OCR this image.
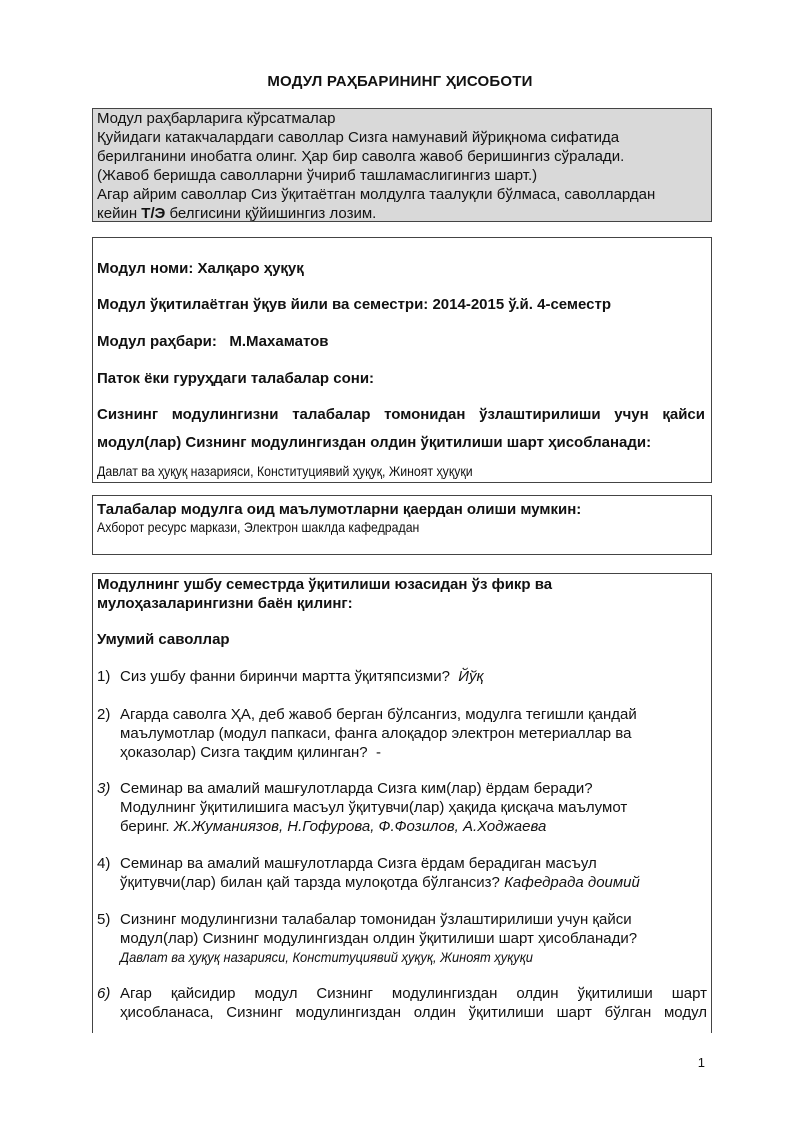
МОДУЛ РАҲБАРИНИНГ ҲИСОБОТИ
Модул раҳбарларига кўрсатмалар
Қуйидаги катакчалардаги саволлар Сизга намунавий йўриқнома сифатида
берилганини инобатга олинг. Ҳар бир саволга жавоб беришингиз сўралади.
(Жавоб беришда саволларни ўчириб ташламаслигингиз шарт.)
Агар айрим саволлар Сиз ўқитаётган молдулга таалуқли бўлмаса, саволлардан
кейин Т/Э белгисини қўйишингиз лозим.
Модул номи: Халқаро ҳуқуқ
Модул ўқитилаётган ўқув йили ва семестри: 2014-2015 ў.й. 4-семестр
Модул раҳбари:   М.Махаматов
Паток ёки гуруҳдаги талабалар сони:
Сизнинг модулингизни талабалар томонидан ўзлаштирилиши учун қайси
модул(лар) Сизнинг модулингиздан олдин ўқитилиши шарт ҳисобланади:
Давлат ва ҳуқуқ назарияси, Конституциявий ҳуқуқ, Жиноят ҳуқуқи
Талабалар модулга оид маълумотларни қаердан олиши мумкин:
Ахборот ресурс маркази, Электрон шаклда кафедрадан
Модулнинг ушбу семестрда ўқитилиши юзасидан ўз фикр ва
мулоҳазаларингизни баён қилинг:
Умумий саволлар
1) Сиз ушбу фанни биринчи мартта ўқитяпсизми? Йўқ
2) Агарда саволга ҲА, деб жавоб берган бўлсангиз, модулга тегишли қандай
маълумотлар (модул папкаси, фанга алоқадор электрон метериаллар ва
ҳоказолар) Сизга тақдим қилинган?  -
3) Семинар ва амалий машғулотларда Сизга ким(лар) ёрдам беради?
Модулнинг ўқитилишига масъул ўқитувчи(лар) ҳақида қисқача маълумот
беринг. Ж.Жуманиязов, Н.Гофурова, Ф.Фозилов, А.Ходжаева
4) Семинар ва амалий машғулотларда Сизга ёрдам берадиган масъул
ўқитувчи(лар) билан қай тарзда мулоқотда бўлгансиз? Кафедрада доимий
5) Сизнинг модулингизни талабалар томонидан ўзлаштирилиши учун қайси
модул(лар) Сизнинг модулингиздан олдин ўқитилиши шарт ҳисобланади?
Давлат ва ҳуқуқ назарияси, Конституциявий ҳуқуқ, Жиноят ҳуқуқи
6) Агар қайсидир модул Сизнинг модулингиздан олдин ўқитилиши шарт
ҳисобланаса, Сизнинг модулингиздан олдин ўқитилиши шарт бўлган модул
1
